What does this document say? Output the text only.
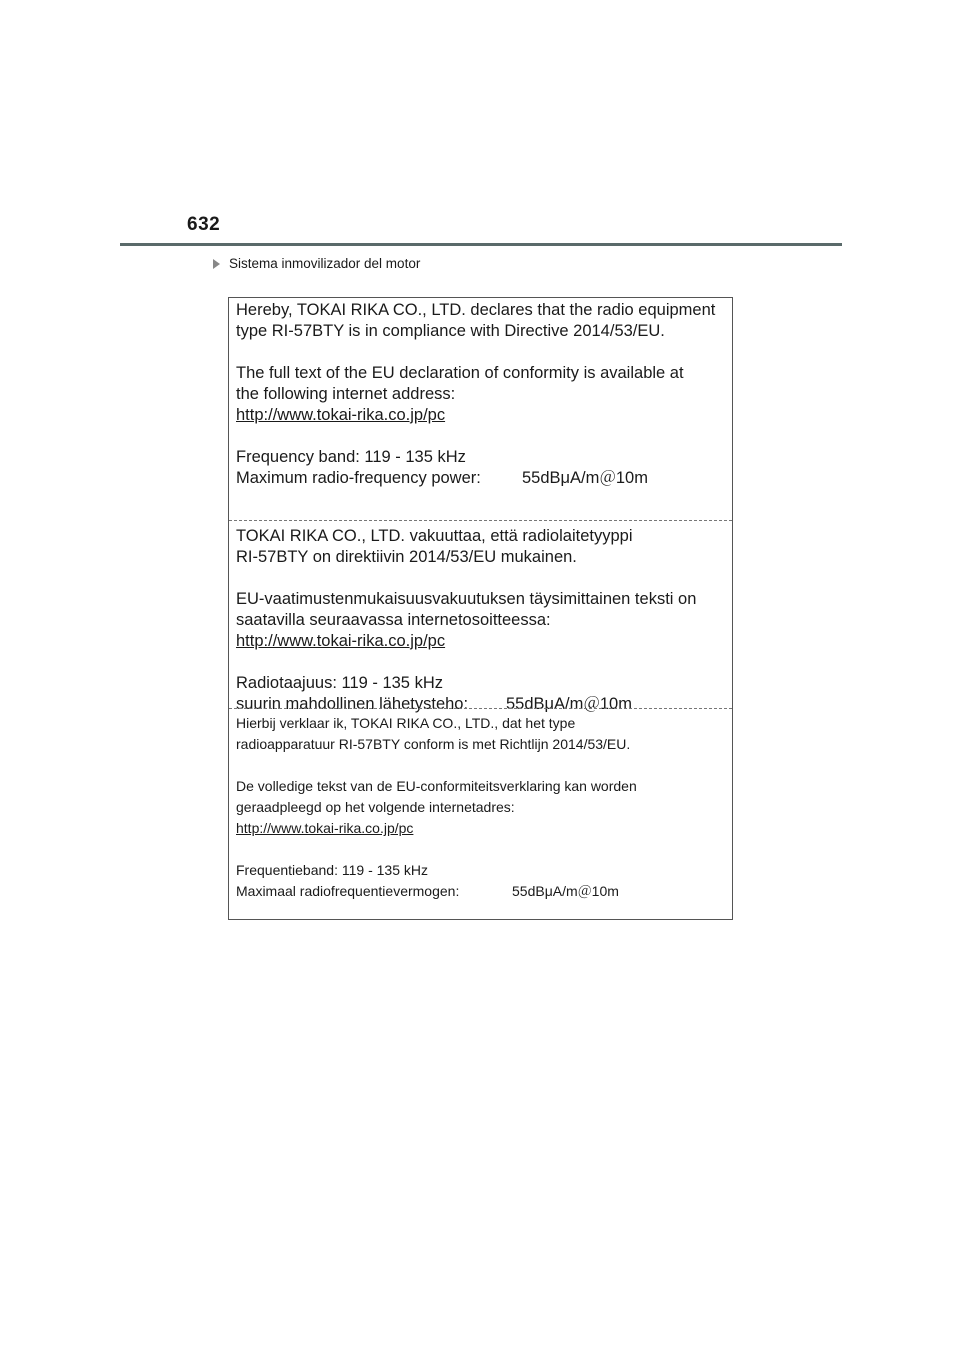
632
Sistema inmovilizador del motor

Hereby, TOKAI RIKA CO., LTD. declares that the radio equipment

type RI-57BTY is in compliance with Directive 2014/53/EU.

The full text of the EU declaration of conformity is available at

the following internet address:

http://www.tokai-rika.co.jp/pc

Frequency band: 119 - 135 kHz

Maximum radio-frequency power: 55dBμA/m＠10m

TOKAI RIKA CO., LTD. vakuuttaa, että radiolaitetyyppi

RI-57BTY on direktiivin 2014/53/EU mukainen.

EU-vaatimustenmukaisuusvakuutuksen täysimittainen teksti on

saatavilla seuraavassa internetosoitteessa:

http://www.tokai-rika.co.jp/pc

Radiotaajuus: 119 - 135 kHz

suurin mahdollinen lähetysteho: 55dBμA/m＠10m

Hierbij verklaar ik, TOKAI RIKA CO., LTD., dat het type

radioapparatuur RI-57BTY conform is met Richtlijn 2014/53/EU.

De volledige tekst van de EU-conformiteitsverklaring kan worden

geraadpleegd op het volgende internetadres:

http://www.tokai-rika.co.jp/pc

Frequentieband: 119 - 135 kHz

Maximaal radiofrequentievermogen:	55dBμA/m＠10m
